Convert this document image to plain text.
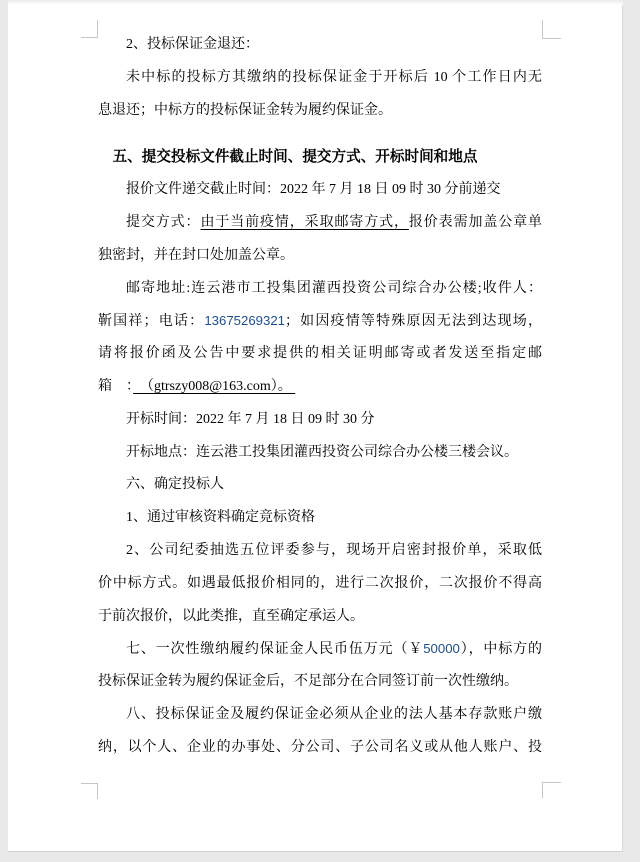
2、投标保证金退还：
未中标的投标方其缴纳的投标保证金于开标后 10 个工作日内无
息退还；中标方的投标保证金转为履约保证金。
五、提交投标文件截止时间、提交方式、开标时间和地点
报价文件递交截止时间：2022 年 7 月 18 日 09 时 30 分前递交
提交方式：由于当前疫情，采取邮寄方式，报价表需加盖公章单
独密封，并在封口处加盖公章。
邮寄地址:连云港市工投集团灌西投资公司综合办公楼;收件人：
靳国祥；电话：13675269321；如因疫情等特殊原因无法到达现场，
请将报价函及公告中要求提供的相关证明邮寄或者发送至指定邮
箱　：　（gtrszy008@163.com）。
开标时间：2022 年 7 月 18 日 09 时 30 分
开标地点：连云港工投集团灌西投资公司综合办公楼三楼会议。
六、确定投标人
1、通过审核资料确定竞标资格
2、公司纪委抽选五位评委参与，现场开启密封报价单，采取低
价中标方式。如遇最低报价相同的，进行二次报价，二次报价不得高
于前次报价，以此类推，直至确定承运人。
七、一次性缴纳履约保证金人民币伍万元（￥50000），中标方的
投标保证金转为履约保证金后，不足部分在合同签订前一次性缴纳。
八、投标保证金及履约保证金必须从企业的法人基本存款账户缴
纳，以个人、企业的办事处、分公司、子公司名义或从他人账户、投
